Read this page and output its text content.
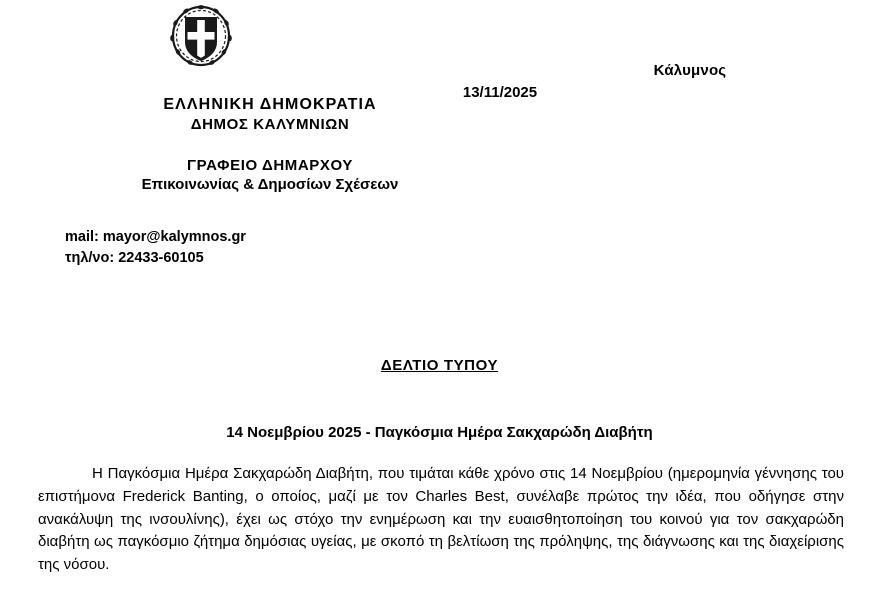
Κάλυμνος
13/11/2025
ΕΛΛΗΝΙΚΗ ΔΗΜΟΚΡΑΤΙΑ
ΔΗΜΟΣ ΚΑΛΥΜΝΙΩΝ
ΓΡΑΦΕΙΟ ΔΗΜΑΡΧΟΥ
Επικοινωνίας & Δημοσίων Σχέσεων
mail: mayor@kalymnos.gr
τηλ/νο: 22433-60105
ΔΕΛΤΙΟ ΤΥΠΟΥ
14 Νοεμβρίου 2025 - Παγκόσμια Ημέρα Σακχαρώδη Διαβήτη
Η Παγκόσμια Ημέρα Σακχαρώδη Διαβήτη, που τιμάται κάθε χρόνο στις 14 Νοεμβρίου (ημερομηνία γέννησης του επιστήμονα Frederick Banting, ο οποίος, μαζί με τον Charles Best, συνέλαβε πρώτος την ιδέα, που οδήγησε στην ανακάλυψη της ινσουλίνης), έχει ως στόχο την ενημέρωση και την ευαισθητοποίηση του κοινού για τον σακχαρώδη διαβήτη ως παγκόσμιο ζήτημα δημόσιας υγείας, με σκοπό τη βελτίωση της πρόληψης, της διάγνωσης και της διαχείρισης της νόσου.
